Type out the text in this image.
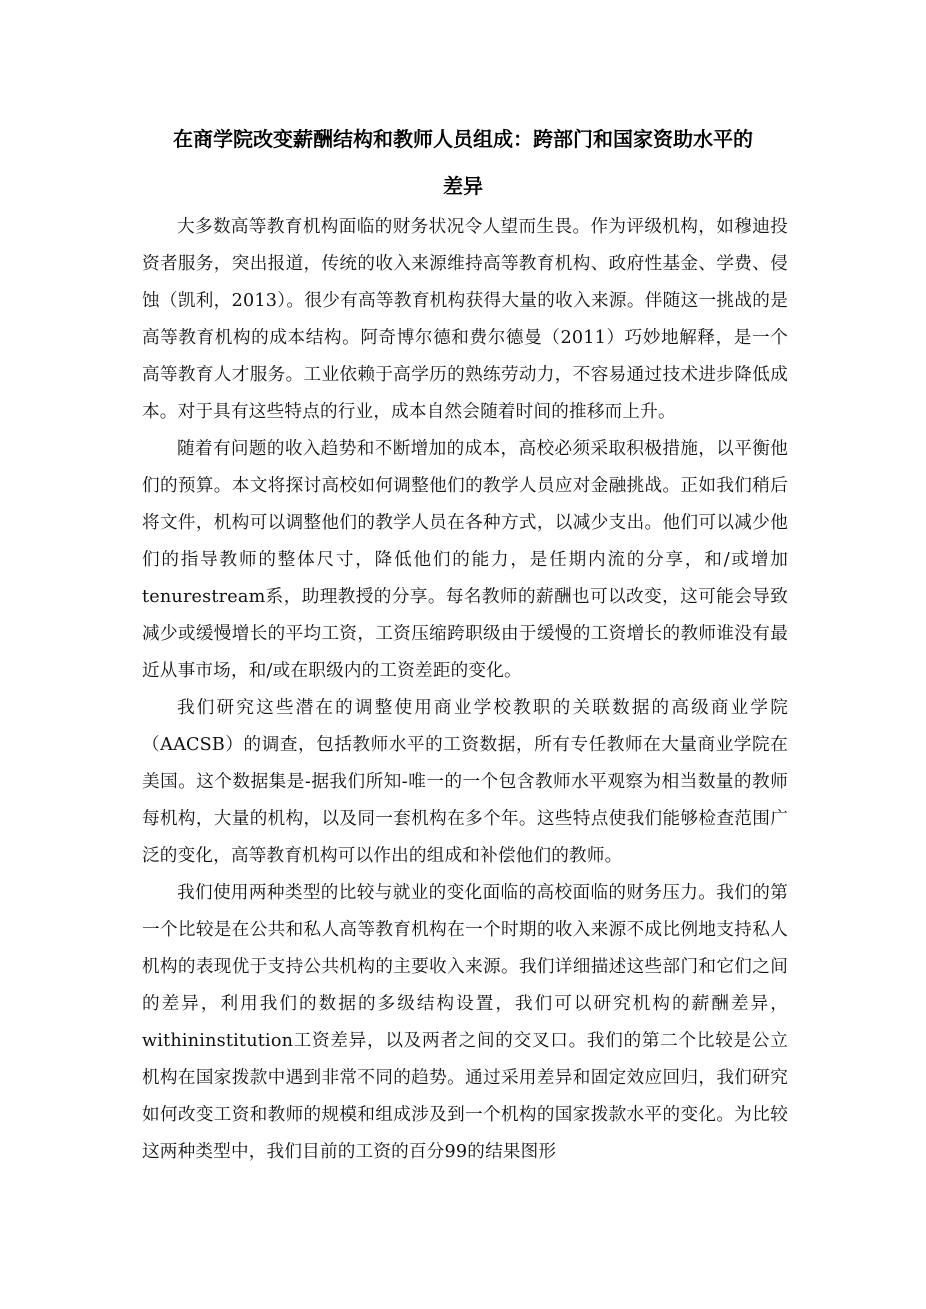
在商学院改变薪酬结构和教师人员组成：跨部门和国家资助水平的
差异

大多数高等教育机构面临的财务状况令人望而生畏。作为评级机构，如穆迪投资者服务，突出报道，传统的收入来源维持高等教育机构、政府性基金、学费、侵蚀（凯利，2013）。很少有高等教育机构获得大量的收入来源。伴随这一挑战的是高等教育机构的成本结构。阿奇博尔德和费尔德曼（2011）巧妙地解释，是一个高等教育人才服务。工业依赖于高学历的熟练劳动力，不容易通过技术进步降低成本。对于具有这些特点的行业，成本自然会随着时间的推移而上升。

随着有问题的收入趋势和不断增加的成本，高校必须采取积极措施，以平衡他们的预算。本文将探讨高校如何调整他们的教学人员应对金融挑战。正如我们稍后将文件，机构可以调整他们的教学人员在各种方式，以减少支出。他们可以减少他们的指导教师的整体尺寸，降低他们的能力，是任期内流的分享，和/或增加tenurestream系，助理教授的分享。每名教师的薪酬也可以改变，这可能会导致减少或缓慢增长的平均工资，工资压缩跨职级由于缓慢的工资增长的教师谁没有最近从事市场，和/或在职级内的工资差距的变化。

我们研究这些潜在的调整使用商业学校教职的关联数据的高级商业学院（AACSB）的调查，包括教师水平的工资数据，所有专任教师在大量商业学院在美国。这个数据集是-据我们所知-唯一的一个包含教师水平观察为相当数量的教师每机构，大量的机构，以及同一套机构在多个年。这些特点使我们能够检查范围广泛的变化，高等教育机构可以作出的组成和补偿他们的教师。

我们使用两种类型的比较与就业的变化面临的高校面临的财务压力。我们的第一个比较是在公共和私人高等教育机构在一个时期的收入来源不成比例地支持私人机构的表现优于支持公共机构的主要收入来源。我们详细描述这些部门和它们之间的差异，利用我们的数据的多级结构设置，我们可以研究机构的薪酬差异，withininstitution工资差异，以及两者之间的交叉口。我们的第二个比较是公立机构在国家拨款中遇到非常不同的趋势。通过采用差异和固定效应回归，我们研究如何改变工资和教师的规模和组成涉及到一个机构的国家拨款水平的变化。为比较这两种类型中，我们目前的工资的百分99的结果图形
